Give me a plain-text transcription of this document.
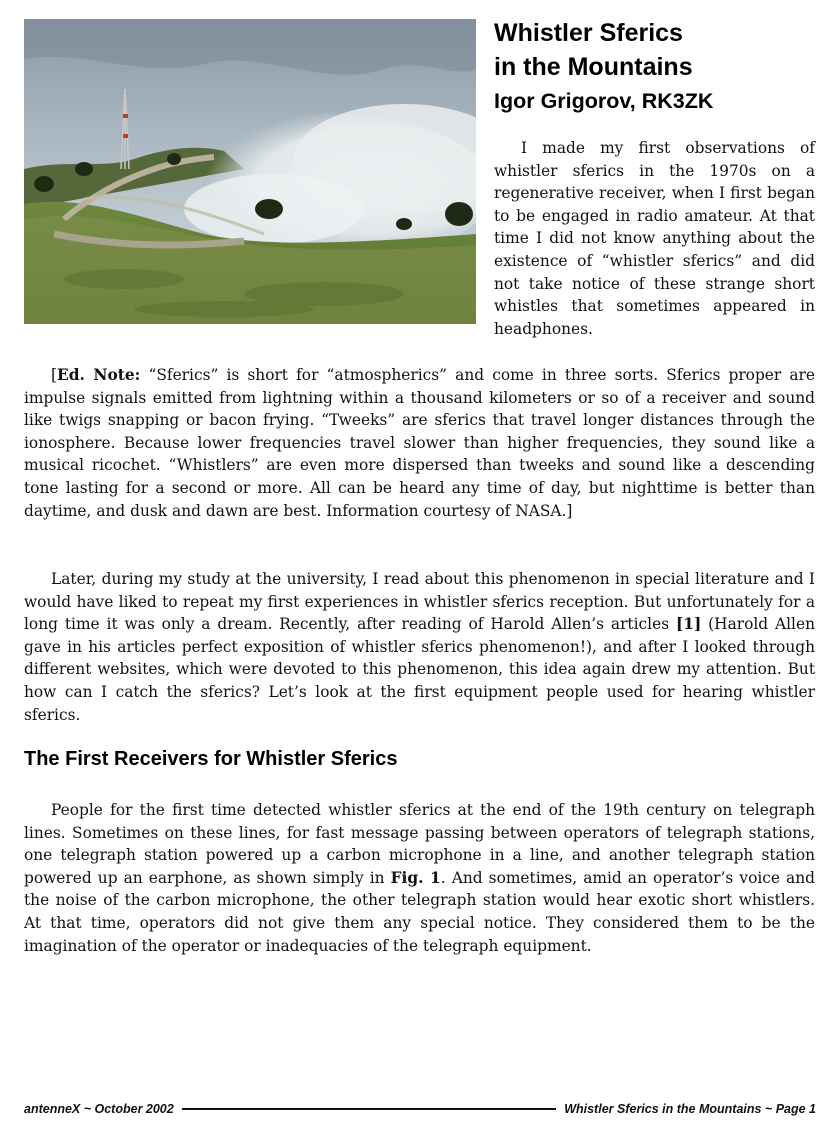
Whistler Sferics
in the Mountains
Igor Grigorov, RK3ZK

I made my first observations of whistler sferics in the 1970s on a regenerative receiver, when I first began to be engaged in radio amateur. At that time I did not know anything about the existence of “whistler sferics” and did not take notice of these strange short whistles that sometimes appeared in headphones.

[Ed. Note: “Sferics” is short for “atmospherics” and come in three sorts. Sferics proper are impulse signals emitted from lightning within a thousand kilometers or so of a receiver and sound like twigs snapping or bacon frying. “Tweeks” are sferics that travel longer distances through the ionosphere. Because lower frequencies travel slower than higher frequencies, they sound like a musical ricochet. “Whistlers” are even more dispersed than tweeks and sound like a descending tone lasting for a second or more. All can be heard any time of day, but nighttime is better than daytime, and dusk and dawn are best. Information courtesy of NASA.]

Later, during my study at the university, I read about this phenomenon in special literature and I would have liked to repeat my first experiences in whistler sferics reception. But unfortunately for a long time it was only a dream. Recently, after reading of Harold Allen’s articles [1] (Harold Allen gave in his articles perfect exposition of whistler sferics phenomenon!), and after I looked through different websites, which were devoted to this phenomenon, this idea again drew my attention. But how can I catch the sferics? Let’s look at the first equipment people used for hearing whistler sferics.

The First Receivers for Whistler Sferics

People for the first time detected whistler sferics at the end of the 19th century on telegraph lines. Sometimes on these lines, for fast message passing between operators of telegraph stations, one telegraph station powered up a carbon microphone in a line, and another telegraph station powered up an earphone, as shown simply in Fig. 1. And sometimes, amid an operator’s voice and the noise of the carbon microphone, the other telegraph station would hear exotic short whistlers. At that time, operators did not give them any special notice. They considered them to be the imagination of the operator or inadequacies of the telegraph equipment.

antenneX ~ October 2002	Whistler Sferics in the Mountains ~ Page 1
